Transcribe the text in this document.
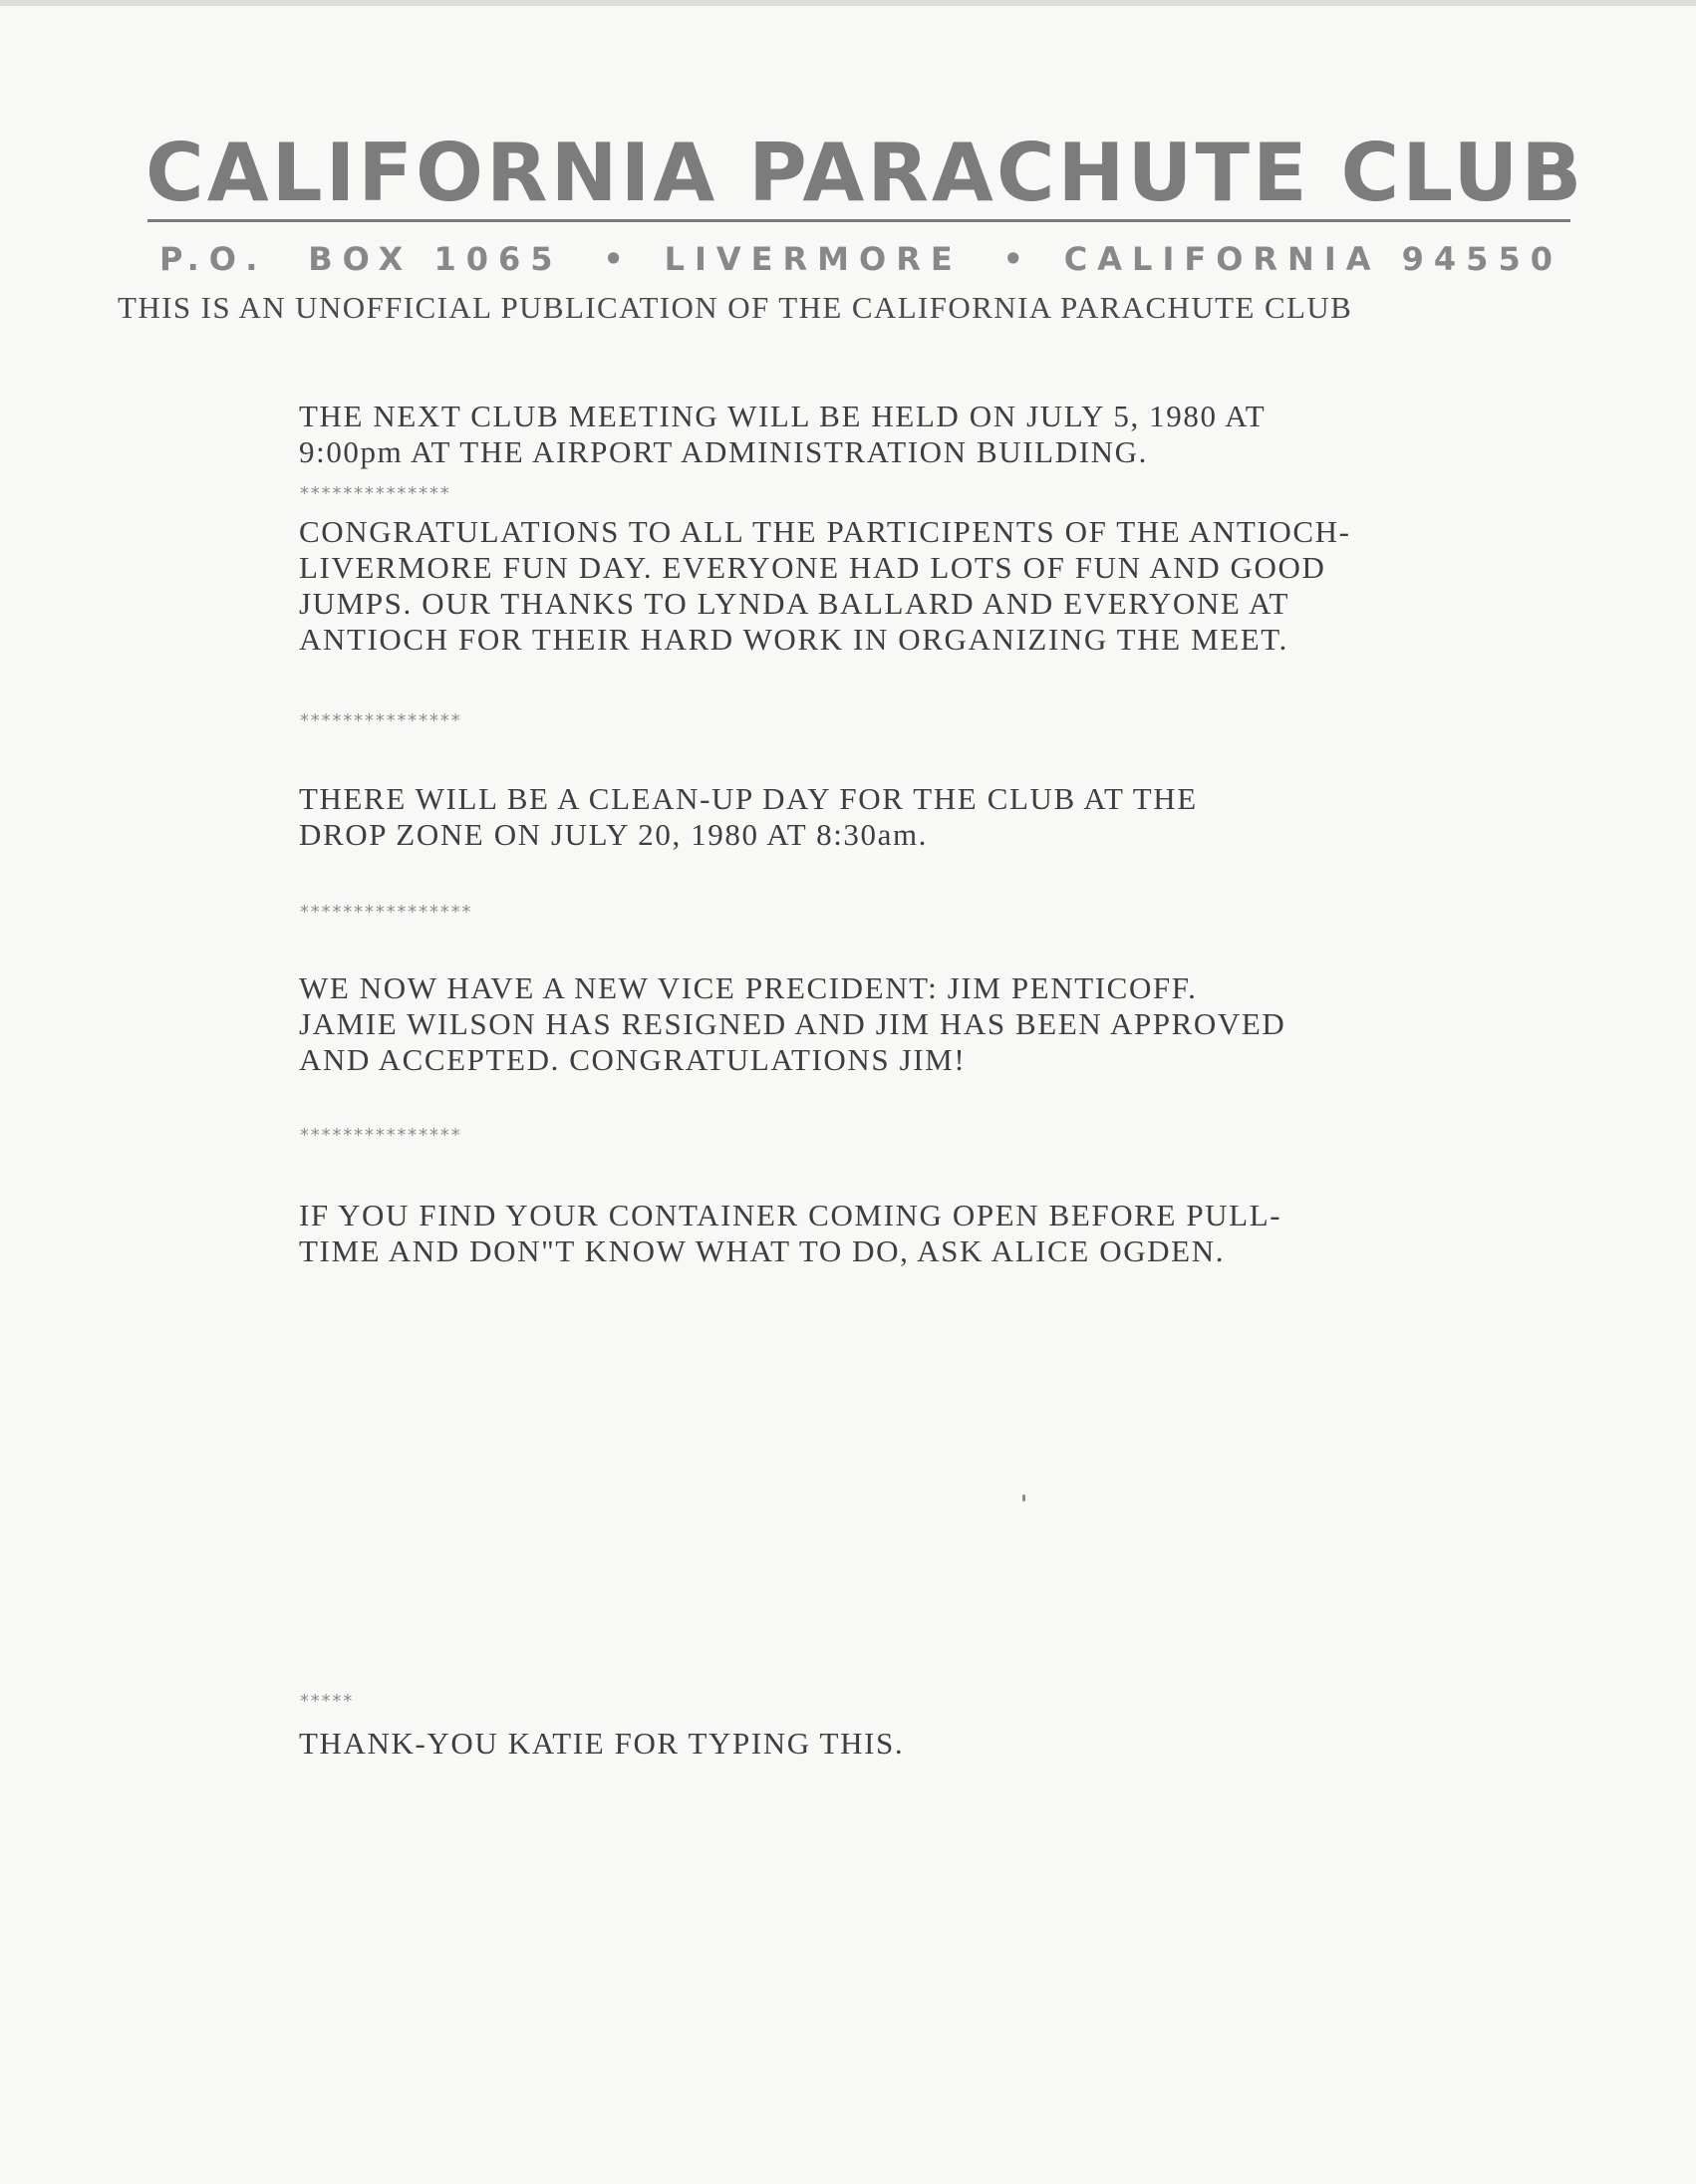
CALIFORNIA PARACHUTE CLUB
P.O. BOX 1065 • LIVERMORE • CALIFORNIA 94550
THIS IS AN UNOFFICIAL PUBLICATION OF THE CALIFORNIA PARACHUTE CLUB
THE NEXT CLUB MEETING WILL BE HELD ON JULY 5, 1980 AT
9:00pm AT THE AIRPORT ADMINISTRATION BUILDING.
**************
CONGRATULATIONS TO ALL THE PARTICIPENTS OF THE ANTIOCH-
LIVERMORE FUN DAY. EVERYONE HAD LOTS OF FUN AND GOOD
JUMPS. OUR THANKS TO LYNDA BALLARD AND EVERYONE AT
ANTIOCH FOR THEIR HARD WORK IN ORGANIZING THE MEET.
***************
THERE WILL BE A CLEAN-UP DAY FOR THE CLUB AT THE
DROP ZONE ON JULY 20, 1980 AT 8:30am.
****************
WE NOW HAVE A NEW VICE PRECIDENT: JIM PENTICOFF.
JAMIE WILSON HAS RESIGNED AND JIM HAS BEEN APPROVED
AND ACCEPTED. CONGRATULATIONS JIM!
***************
IF YOU FIND YOUR CONTAINER COMING OPEN BEFORE PULL-
TIME AND DON"T KNOW WHAT TO DO, ASK ALICE OGDEN.
*****
THANK-YOU KATIE FOR TYPING THIS.
